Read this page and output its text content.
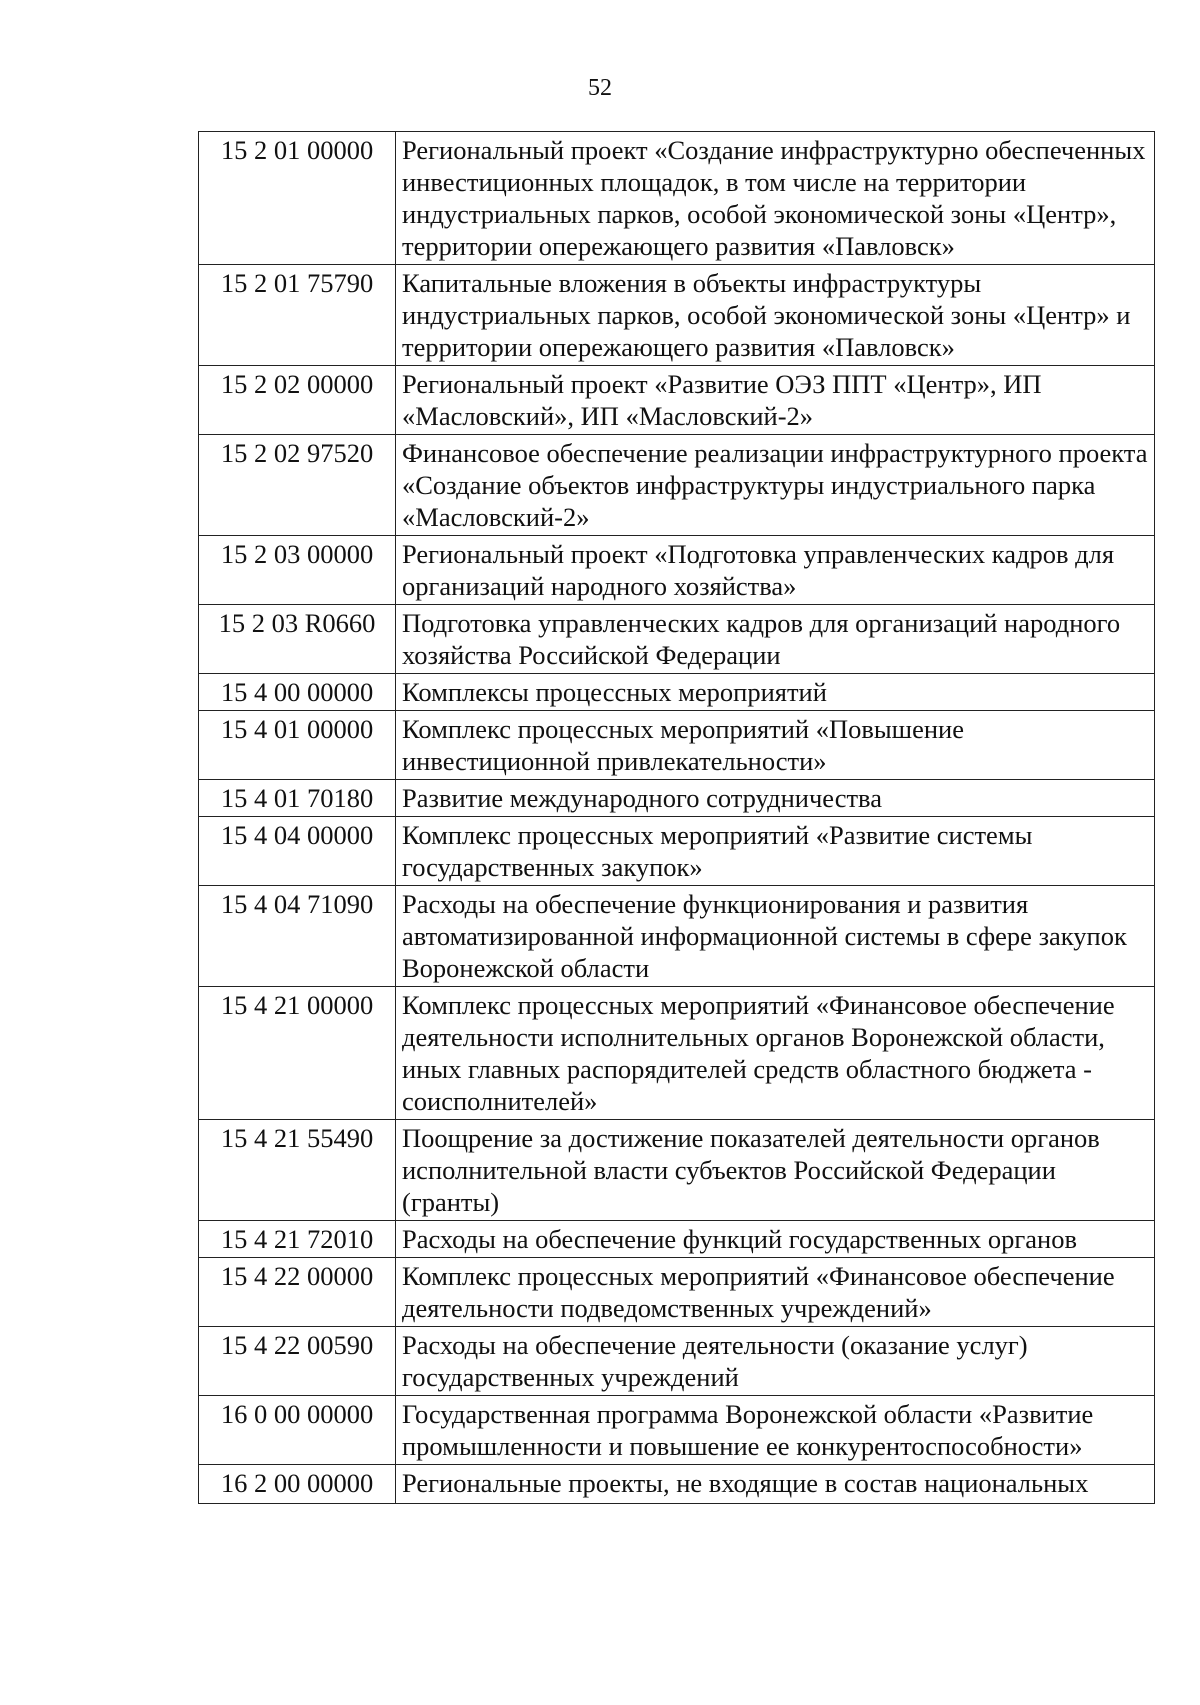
52
15 2 01 00000	Региональный проект «Создание инфраструктурно обеспеченных инвестиционных площадок, в том числе на территории индустриальных парков, особой экономической зоны «Центр», территории опережающего развития «Павловск»
15 2 01 75790	Капитальные вложения в объекты инфраструктуры индустриальных парков, особой экономической зоны «Центр» и территории опережающего развития «Павловск»
15 2 02 00000	Региональный проект «Развитие ОЭЗ ППТ «Центр», ИП «Масловский», ИП «Масловский-2»
15 2 02 97520	Финансовое обеспечение реализации инфраструктурного проекта «Создание объектов инфраструктуры индустриального парка «Масловский-2»
15 2 03 00000	Региональный проект «Подготовка управленческих кадров для организаций народного хозяйства»
15 2 03 R0660	Подготовка управленческих кадров для организаций народного хозяйства Российской Федерации
15 4 00 00000	Комплексы процессных мероприятий
15 4 01 00000	Комплекс процессных мероприятий «Повышение инвестиционной привлекательности»
15 4 01 70180	Развитие международного сотрудничества
15 4 04 00000	Комплекс процессных мероприятий «Развитие системы государственных закупок»
15 4 04 71090	Расходы на обеспечение функционирования и развития автоматизированной информационной системы в сфере закупок Воронежской области
15 4 21 00000	Комплекс процессных мероприятий «Финансовое обеспечение деятельности исполнительных органов Воронежской области, иных главных распорядителей средств областного бюджета - соисполнителей»
15 4 21 55490	Поощрение за достижение показателей деятельности органов исполнительной власти субъектов Российской Федерации (гранты)
15 4 21 72010	Расходы на обеспечение функций государственных органов
15 4 22 00000	Комплекс процессных мероприятий «Финансовое обеспечение деятельности подведомственных учреждений»
15 4 22 00590	Расходы на обеспечение деятельности (оказание услуг) государственных учреждений
16 0 00 00000	Государственная программа Воронежской области «Развитие промышленности и повышение ее конкурентоспособности»
16 2 00 00000	Региональные проекты, не входящие в состав национальных
